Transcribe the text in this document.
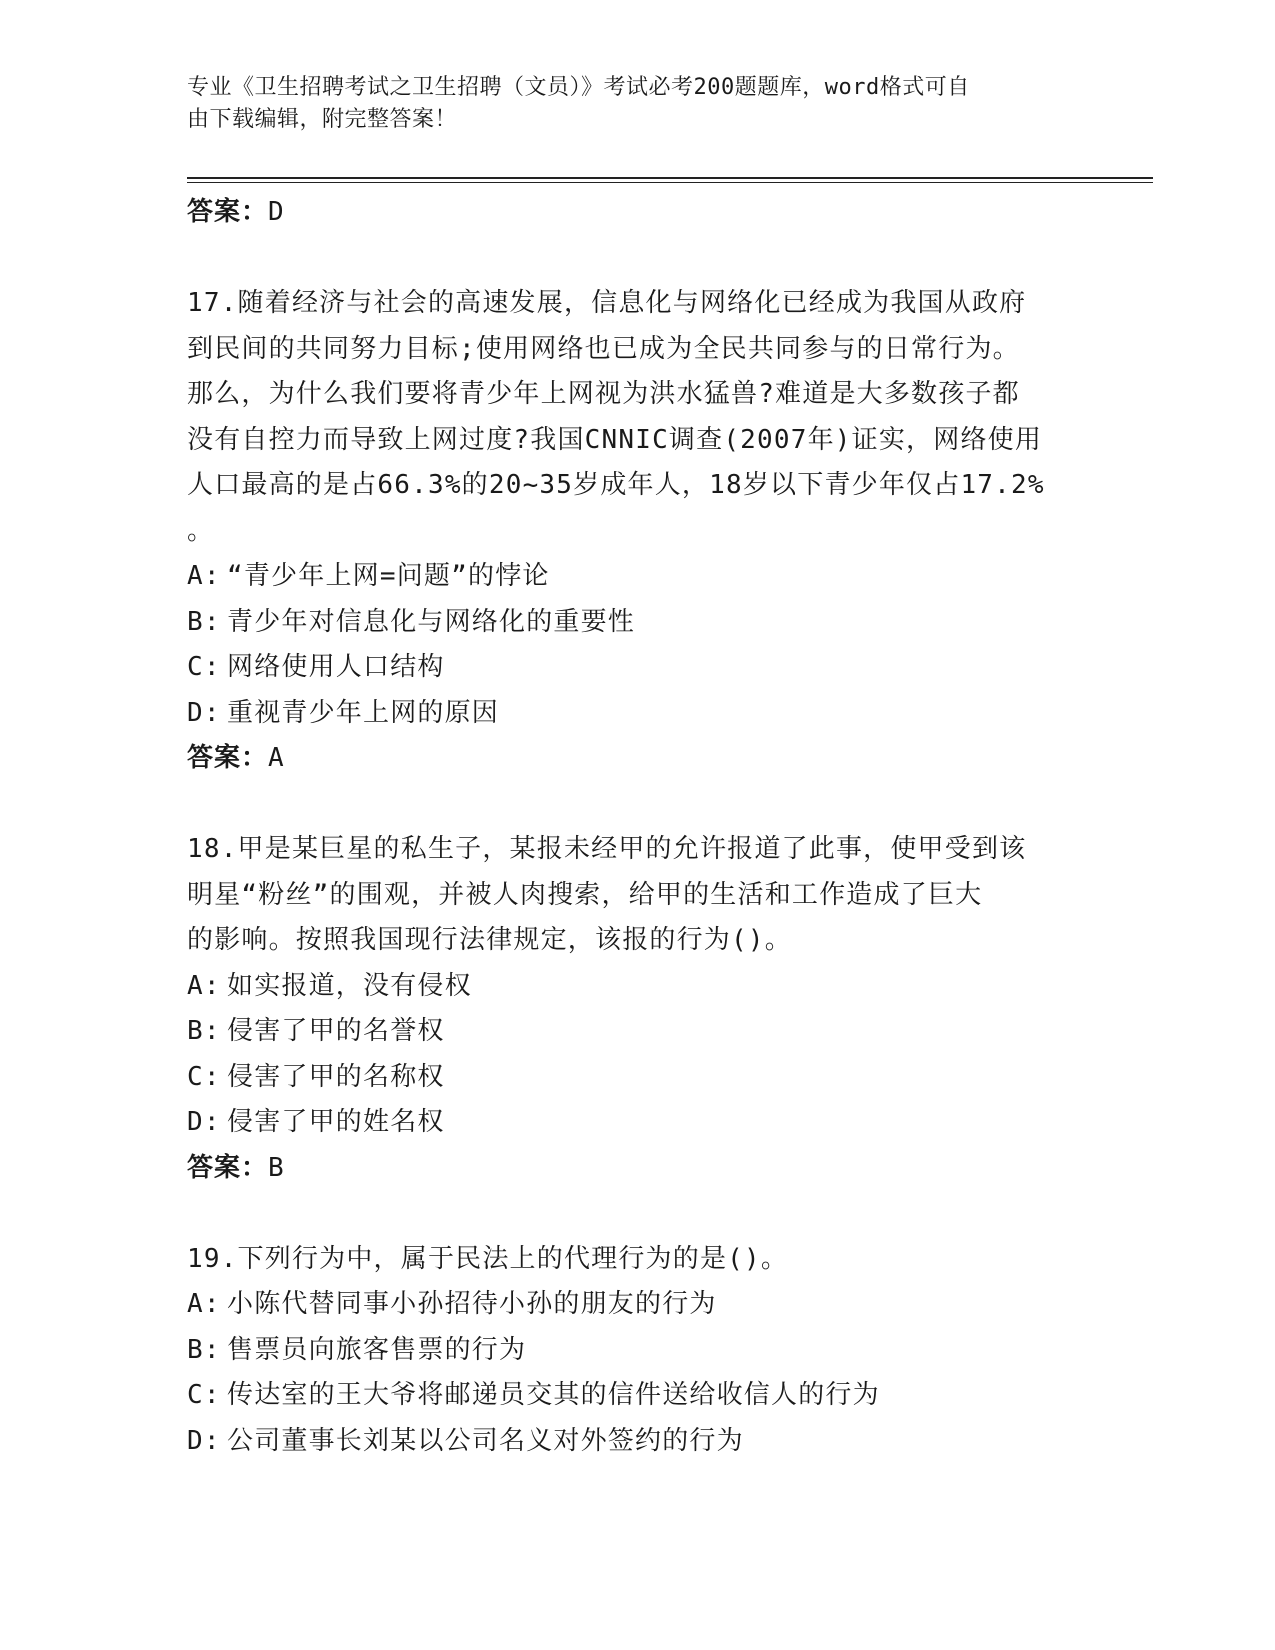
专业《卫生招聘考试之卫生招聘（文员）》考试必考200题题库，word格式可自
由下载编辑，附完整答案！
答案：D
17.随着经济与社会的高速发展，信息化与网络化已经成为我国从政府
到民间的共同努力目标;使用网络也已成为全民共同参与的日常行为。
那么，为什么我们要将青少年上网视为洪水猛兽?难道是大多数孩子都
没有自控力而导致上网过度?我国CNNIC调查(2007年)证实，网络使用
人口最高的是占66.3%的20~35岁成年人，18岁以下青少年仅占17.2%
。
A: “青少年上网=问题”的悖论
B: 青少年对信息化与网络化的重要性
C: 网络使用人口结构
D: 重视青少年上网的原因
答案：A
18.甲是某巨星的私生子，某报未经甲的允许报道了此事，使甲受到该
明星“粉丝”的围观，并被人肉搜索，给甲的生活和工作造成了巨大
的影响。按照我国现行法律规定，该报的行为()。
A: 如实报道，没有侵权
B: 侵害了甲的名誉权
C: 侵害了甲的名称权
D: 侵害了甲的姓名权
答案：B
19.下列行为中，属于民法上的代理行为的是()。
A: 小陈代替同事小孙招待小孙的朋友的行为
B: 售票员向旅客售票的行为
C: 传达室的王大爷将邮递员交其的信件送给收信人的行为
D: 公司董事长刘某以公司名义对外签约的行为
